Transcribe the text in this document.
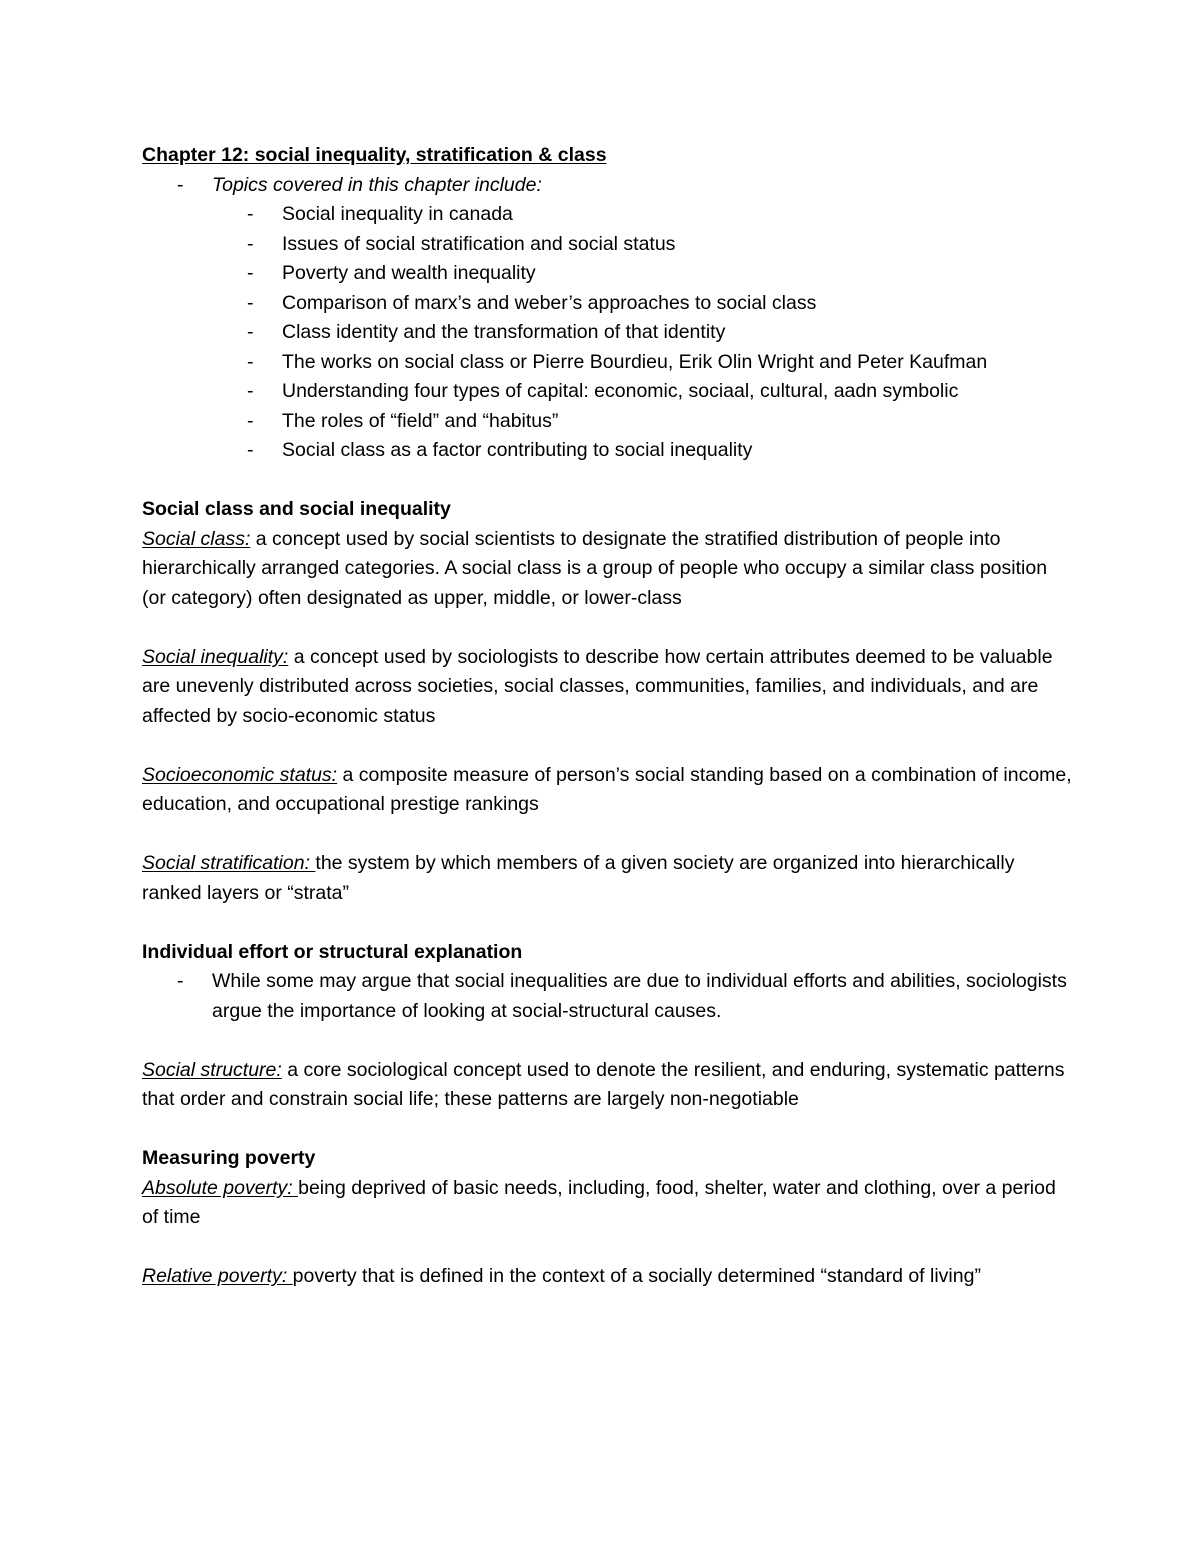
Chapter 12: social inequality, stratification & class

- Topics covered in this chapter include:
- Social inequality in canada
- Issues of social stratification and social status
- Poverty and wealth inequality
- Comparison of marx’s and weber’s approaches to social class
- Class identity and the transformation of that identity
- The works on social class or Pierre Bourdieu, Erik Olin Wright and Peter Kaufman
- Understanding four types of capital: economic, sociaal, cultural, aadn symbolic
- The roles of “field” and “habitus”
- Social class as a factor contributing to social inequality

Social class and social inequality

Social class: a concept used by social scientists to designate the stratified distribution of people into hierarchically arranged categories. A social class is a group of people who occupy a similar class position (or category) often designated as upper, middle, or lower-class

Social inequality: a concept used by sociologists to describe how certain attributes deemed to be valuable are unevenly distributed across societies, social classes, communities, families, and individuals, and are affected by socio-economic status

Socioeconomic status: a composite measure of person’s social standing based on a combination of income, education, and occupational prestige rankings

Social stratification: the system by which members of a given society are organized into hierarchically ranked layers or “strata”

Individual effort or structural explanation

- While some may argue that social inequalities are due to individual efforts and abilities, sociologists argue the importance of looking at social-structural causes.

Social structure: a core sociological concept used to denote the resilient, and enduring, systematic patterns that order and constrain social life; these patterns are largely non-negotiable

Measuring poverty

Absolute poverty: being deprived of basic needs, including, food, shelter, water and clothing, over a period of time

Relative poverty: poverty that is defined in the context of a socially determined “standard of living”
